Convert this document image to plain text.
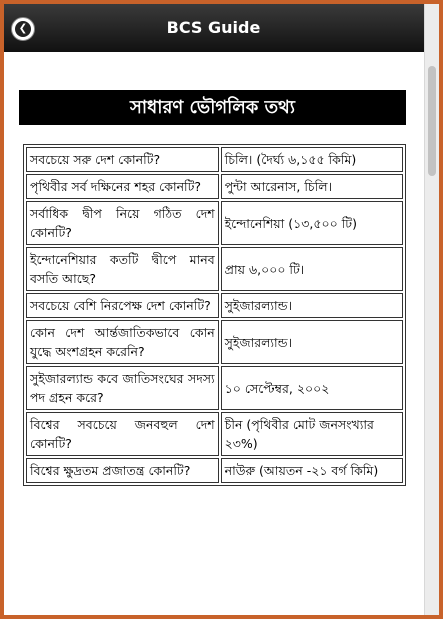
❮	BCS Guide
সাধারণ ভৌগলিক তথ্য
সবচেয়ে সরু দেশ কোনটি?	চিলি। (দৈর্ঘ্য ৬,১৫৫ কিমি)
পৃথিবীর সর্ব দক্ষিনের শহর কোনটি?	পুন্টা আরেনাস, চিলি।
সর্বাধিক দ্বীপ নিয়ে গঠিত দেশ কোনটি?	ইন্দোনেশিয়া (১৩,৫০০ টি)
ইন্দোনেশিয়ার কতটি দ্বীপে মানব বসতি আছে?	প্রায় ৬,০০০ টি।
সবচেয়ে বেশি নিরপেক্ষ দেশ কোনটি?	সুইজারল্যান্ড।
কোন দেশ আর্ন্তজাতিকভাবে কোন যুদ্ধে অংশগ্রহন করেনি?	সুইজারল্যান্ড।
সুইজারল্যান্ড কবে জাতিসংঘের সদস্য পদ গ্রহন করে?	১০ সেপ্টেম্বর, ২০০২
বিশ্বের সবচেয়ে জনবহুল দেশ কোনটি?	চীন (পৃথিবীর মোট জনসংখ্যার ২৩%)
বিশ্বের ক্ষুদ্রতম প্রজাতন্ত্র কোনটি?	নাউরু (আয়তন -২১ বর্গ কিমি)
